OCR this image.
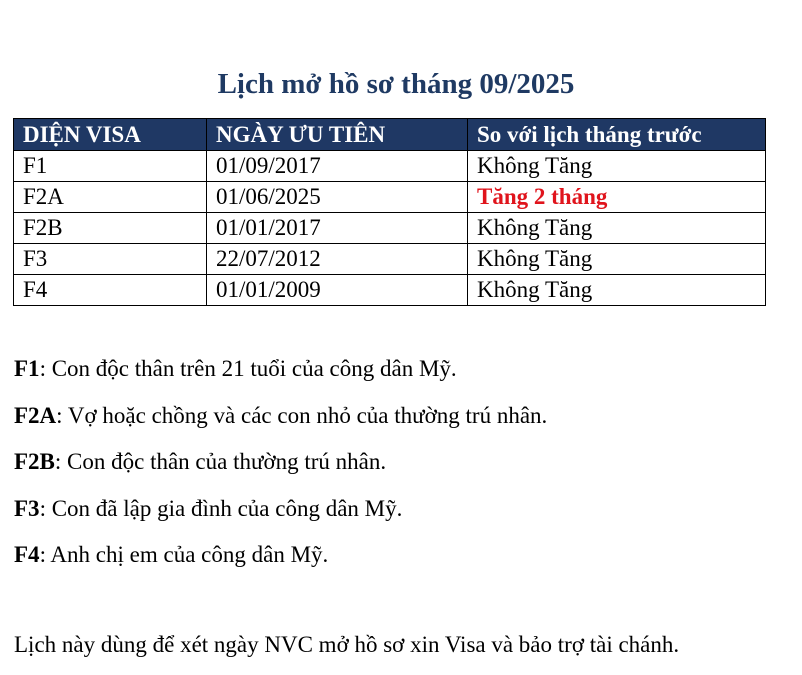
Lịch mở hồ sơ tháng 09/2025
DIỆN VISA	NGÀY ƯU TIÊN	So với lịch tháng trước
F1	01/09/2017	Không Tăng
F2A	01/06/2025	Tăng 2 tháng
F2B	01/01/2017	Không Tăng
F3	22/07/2012	Không Tăng
F4	01/01/2009	Không Tăng

F1: Con độc thân trên 21 tuổi của công dân Mỹ.

F2A: Vợ hoặc chồng và các con nhỏ của thường trú nhân.

F2B: Con độc thân của thường trú nhân.

F3: Con đã lập gia đình của công dân Mỹ.

F4: Anh chị em của công dân Mỹ.

Lịch này dùng để xét ngày NVC mở hồ sơ xin Visa và bảo trợ tài chánh.
